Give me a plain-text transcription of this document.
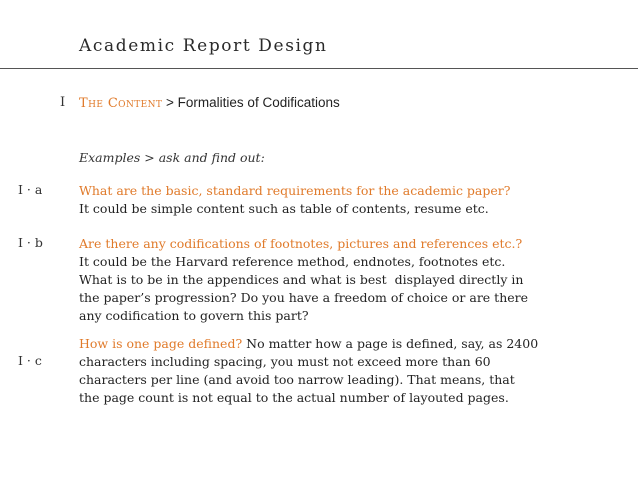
Academic Report Design
I The Content > Formalities of Codifications
Examples > ask and find out:
I · a	What are the basic, standard requirements for the academic paper?
It could be simple content such as table of contents, resume etc.
I · b	Are there any codifications of footnotes, pictures and references etc.?
It could be the Harvard reference method, endnotes, footnotes etc.
What is to be in the appendices and what is best  displayed directly in
the paper’s progression? Do you have a freedom of choice or are there
any codification to govern this part?
I · c
How is one page defined? No matter how a page is defined, say, as 2400
characters including spacing, you must not exceed more than 60
characters per line (and avoid too narrow leading). That means, that
the page count is not equal to the actual number of layouted pages.
